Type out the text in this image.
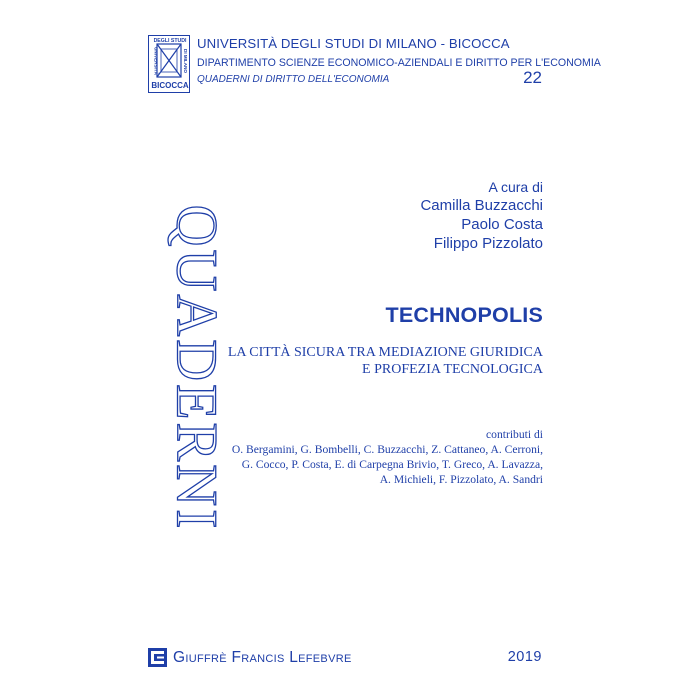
DEGLI STUDI
BICOCCA
UNIVERSITÀ	DI MILANO
UNIVERSITÀ DEGLI STUDI DI MILANO - BICOCCA
DIPARTIMENTO SCIENZE ECONOMICO-AZIENDALI E DIRITTO PER L'ECONOMIA
QUADERNI DI DIRITTO DELL'ECONOMIA	22
QUADERNI
A cura di
Camilla Buzzacchi
Paolo Costa
Filippo Pizzolato
TECHNOPOLIS
LA CITTÀ SICURA TRA MEDIAZIONE GIURIDICA
E PROFEZIA TECNOLOGICA
contributi di
O. Bergamini, G. Bombelli, C. Buzzacchi, Z. Cattaneo, A. Cerroni,
G. Cocco, P. Costa, E. di Carpegna Brivio, T. Greco, A. Lavazza,
A. Michieli, F. Pizzolato, A. Sandri
Giuffrè Francis Lefebvre	2019
